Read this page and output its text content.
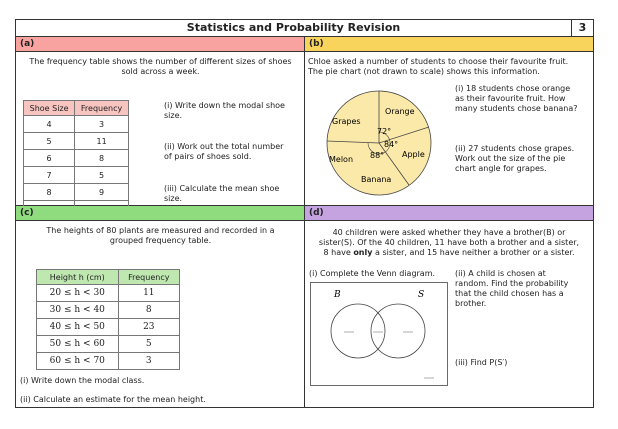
Statistics and Probability Revision	3
(a)
The frequency table shows the number of different sizes of shoes
sold across a week.
Shoe Size	Frequency
4	3
5	11
6	8
7	5
8	9

(i) Write down the modal shoe
size.
(ii) Work out the total number
of pairs of shoes sold.
(iii) Calculate the mean shoe
size.
(b)
Chloe asked a number of students to choose their favourite fruit.
The pie chart (not drawn to scale) shows this information.
Orange
Apple
Banana
Melon
Grapes
72°
84°
88°
(i) 18 students chose orange
as their favourite fruit. How
many students chose banana?
(ii) 27 students chose grapes.
Work out the size of the pie
chart angle for grapes.
(c)
The heights of 80 plants are measured and recorded in a
grouped frequency table.
Height h (cm)	Frequency
20 ≤ h < 30	11
30 ≤ h < 40	8
40 ≤ h < 50	23
50 ≤ h < 60	5
60 ≤ h < 70	3
(i) Write down the modal class.
(ii) Calculate an estimate for the mean height.
(d)
40 children were asked whether they have a brother(B) or
sister(S). Of the 40 children, 11 have both a brother and a sister,
8 have only a sister, and 15 have neither a brother or a sister.
(i) Complete the Venn diagram.
B	S
(ii) A child is chosen at
random. Find the probability
that the child chosen has a
brother.
(iii) Find P(S′)
